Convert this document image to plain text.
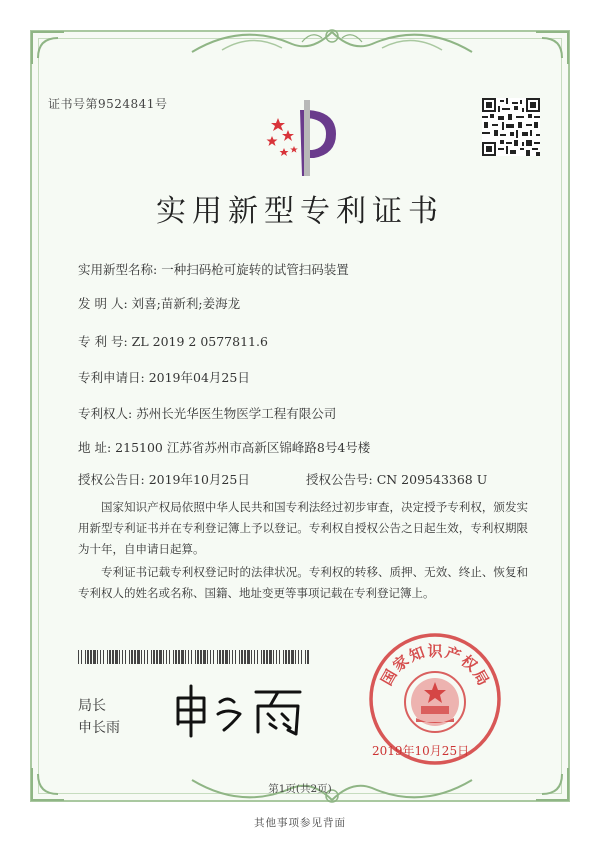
证书号第9524841号
实用新型专利证书
实用新型名称: 一种扫码枪可旋转的试管扫码装置
发 明 人: 刘喜;苗新利;姜海龙
专 利 号: ZL 2019 2 0577811.6
专利申请日: 2019年04月25日
专利权人: 苏州长光华医生物医学工程有限公司
地 址: 215100 江苏省苏州市高新区锦峰路8号4号楼
授权公告日: 2019年10月25日	授权公告号: CN 209543368 U
国家知识产权局依照中华人民共和国专利法经过初步审查，决定授予专利权，颁发实用新型专利证书并在专利登记簿上予以登记。专利权自授权公告之日起生效，专利权期限为十年，自申请日起算。
专利证书记载专利权登记时的法律状况。专利权的转移、质押、无效、终止、恢复和专利权人的姓名或名称、国籍、地址变更等事项记载在专利登记簿上。
局长
申长雨
国
家
知 识 产
权
局
2019年10月25日
第1页(共2页)
其他事项参见背面
